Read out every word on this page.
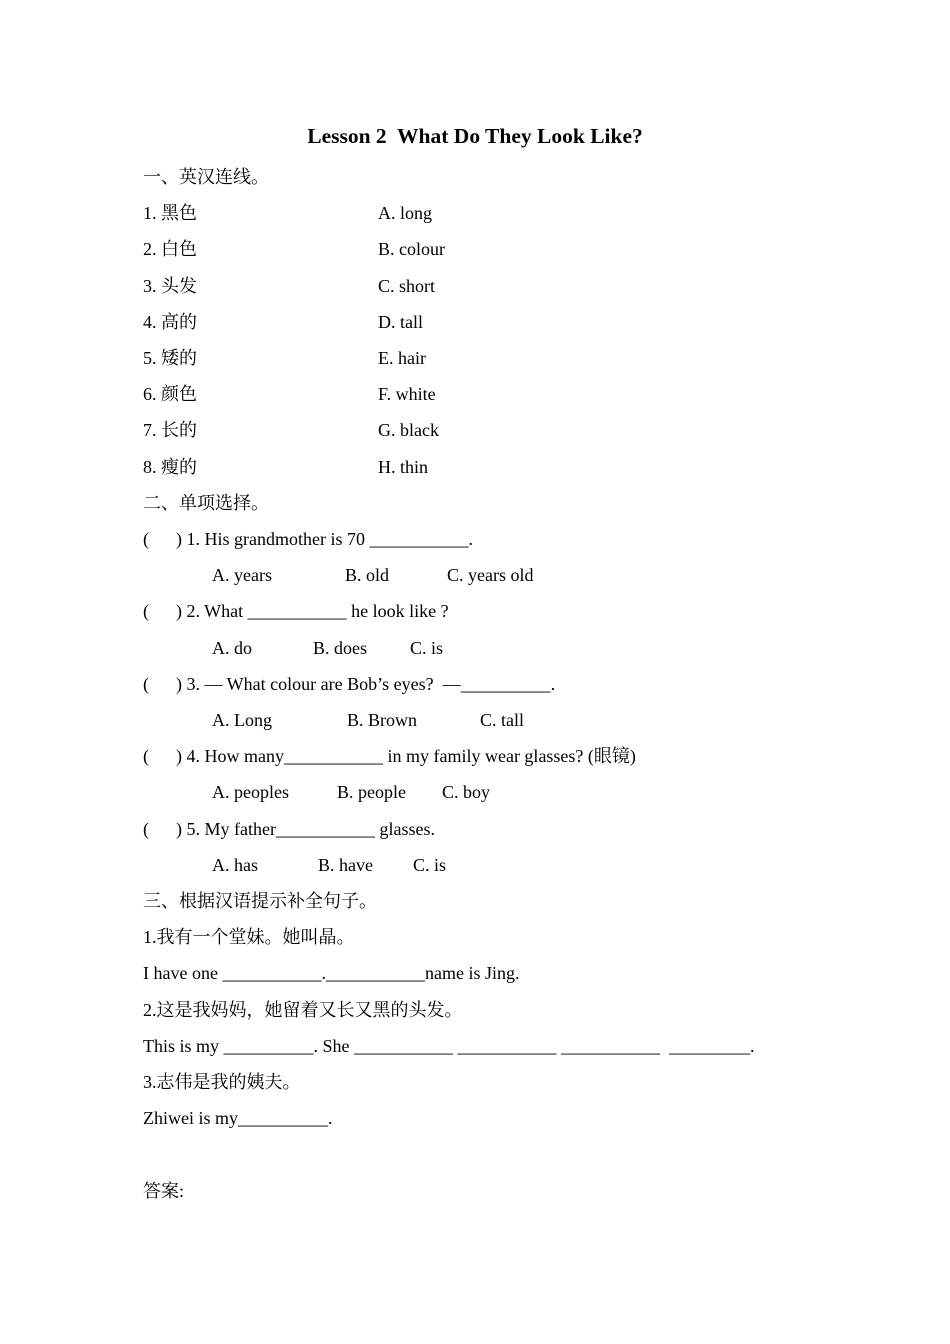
Lesson 2  What Do They Look Like?

一、英汉连线。

1. 黑色	A. long
2. 白色	B. colour
3. 头发	C. short
4. 高的	D. tall
5. 矮的	E. hair
6. 颜色	F. white
7. 长的	G. black
8. 瘦的	H. thin

二、单项选择。

(      ) 1. His grandmother is 70 ___________.

A. years	B. old	C. years old

(      ) 2. What ___________ he look like ?

A. do	B. does	C. is

(      ) 3. — What colour are Bob’s eyes?  —__________.

A. Long	B. Brown	C. tall

(      ) 4. How many___________ in my family wear glasses? (眼镜)

A. peoples	B. people	C. boy

(      ) 5. My father___________ glasses.

A. has	B. have	C. is

三、根据汉语提示补全句子。

1.我有一个堂妹。她叫晶。

I have one ___________.___________name is Jing.

2.这是我妈妈，她留着又长又黑的头发。

This is my __________. She ___________ ___________ ___________  _________.

3.志伟是我的姨夫。

Zhiwei is my__________.

答案:
